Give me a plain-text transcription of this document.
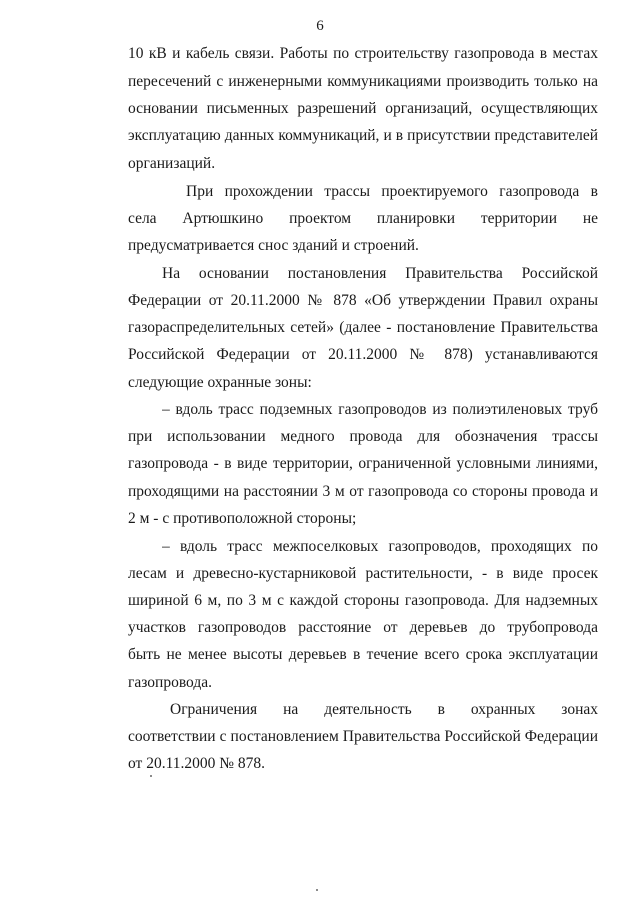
6
10 кВ и кабель связи. Работы по строительству газопровода в местах
пересечений с инженерными коммуникациями производить только на
основании письменных разрешений организаций, осуществляющих
эксплуатацию данных коммуникаций, и в присутствии представителей
организаций.
При прохождении трассы проектируемого газопровода в
села Артюшкино проектом планировки территории не
предусматривается снос зданий и строений.
На основании постановления Правительства Российской
Федерации от 20.11.2000 № 878 «Об утверждении Правил охраны
газораспределительных сетей» (далее - постановление Правительства
Российской Федерации от 20.11.2000 № 878) устанавливаются
следующие охранные зоны:
– вдоль трасс подземных газопроводов из полиэтиленовых труб
при использовании медного провода для обозначения трассы
газопровода - в виде территории, ограниченной условными линиями,
проходящими на расстоянии 3 м от газопровода со стороны провода и
2 м - с противоположной стороны;
– вдоль трасс межпоселковых газопроводов, проходящих по
лесам и древесно-кустарниковой растительности, - в виде просек
шириной 6 м, по 3 м с каждой стороны газопровода. Для надземных
участков газопроводов расстояние от деревьев до трубопровода
быть не менее высоты деревьев в течение всего срока эксплуатации
газопровода.
Ограничения на деятельность в охранных зонах
соответствии с постановлением Правительства Российской Федерации
от 20.11.2000 № 878.
